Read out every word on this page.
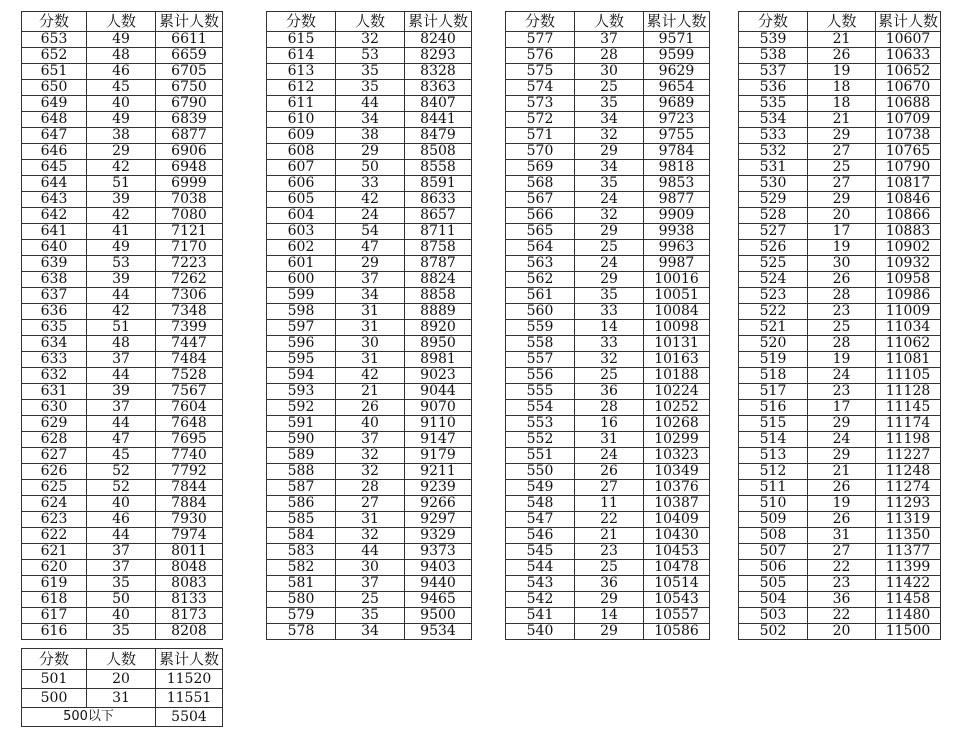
分数	人数	累计人数
653	49	6611
652	48	6659
651	46	6705
650	45	6750
649	40	6790
648	49	6839
647	38	6877
646	29	6906
645	42	6948
644	51	6999
643	39	7038
642	42	7080
641	41	7121
640	49	7170
639	53	7223
638	39	7262
637	44	7306
636	42	7348
635	51	7399
634	48	7447
633	37	7484
632	44	7528
631	39	7567
630	37	7604
629	44	7648
628	47	7695
627	45	7740
626	52	7792
625	52	7844
624	40	7884
623	46	7930
622	44	7974
621	37	8011
620	37	8048
619	35	8083
618	50	8133
617	40	8173
616	35	8208
分数	人数	累计人数
615	32	8240
614	53	8293
613	35	8328
612	35	8363
611	44	8407
610	34	8441
609	38	8479
608	29	8508
607	50	8558
606	33	8591
605	42	8633
604	24	8657
603	54	8711
602	47	8758
601	29	8787
600	37	8824
599	34	8858
598	31	8889
597	31	8920
596	30	8950
595	31	8981
594	42	9023
593	21	9044
592	26	9070
591	40	9110
590	37	9147
589	32	9179
588	32	9211
587	28	9239
586	27	9266
585	31	9297
584	32	9329
583	44	9373
582	30	9403
581	37	9440
580	25	9465
579	35	9500
578	34	9534
分数	人数	累计人数
577	37	9571
576	28	9599
575	30	9629
574	25	9654
573	35	9689
572	34	9723
571	32	9755
570	29	9784
569	34	9818
568	35	9853
567	24	9877
566	32	9909
565	29	9938
564	25	9963
563	24	9987
562	29	10016
561	35	10051
560	33	10084
559	14	10098
558	33	10131
557	32	10163
556	25	10188
555	36	10224
554	28	10252
553	16	10268
552	31	10299
551	24	10323
550	26	10349
549	27	10376
548	11	10387
547	22	10409
546	21	10430
545	23	10453
544	25	10478
543	36	10514
542	29	10543
541	14	10557
540	29	10586
分数	人数	累计人数
539	21	10607
538	26	10633
537	19	10652
536	18	10670
535	18	10688
534	21	10709
533	29	10738
532	27	10765
531	25	10790
530	27	10817
529	29	10846
528	20	10866
527	17	10883
526	19	10902
525	30	10932
524	26	10958
523	28	10986
522	23	11009
521	25	11034
520	28	11062
519	19	11081
518	24	11105
517	23	11128
516	17	11145
515	29	11174
514	24	11198
513	29	11227
512	21	11248
511	26	11274
510	19	11293
509	26	11319
508	31	11350
507	27	11377
506	22	11399
505	23	11422
504	36	11458
503	22	11480
502	20	11500
分数	人数	累计人数
501	20	11520
500	31	11551
500以下		5504
